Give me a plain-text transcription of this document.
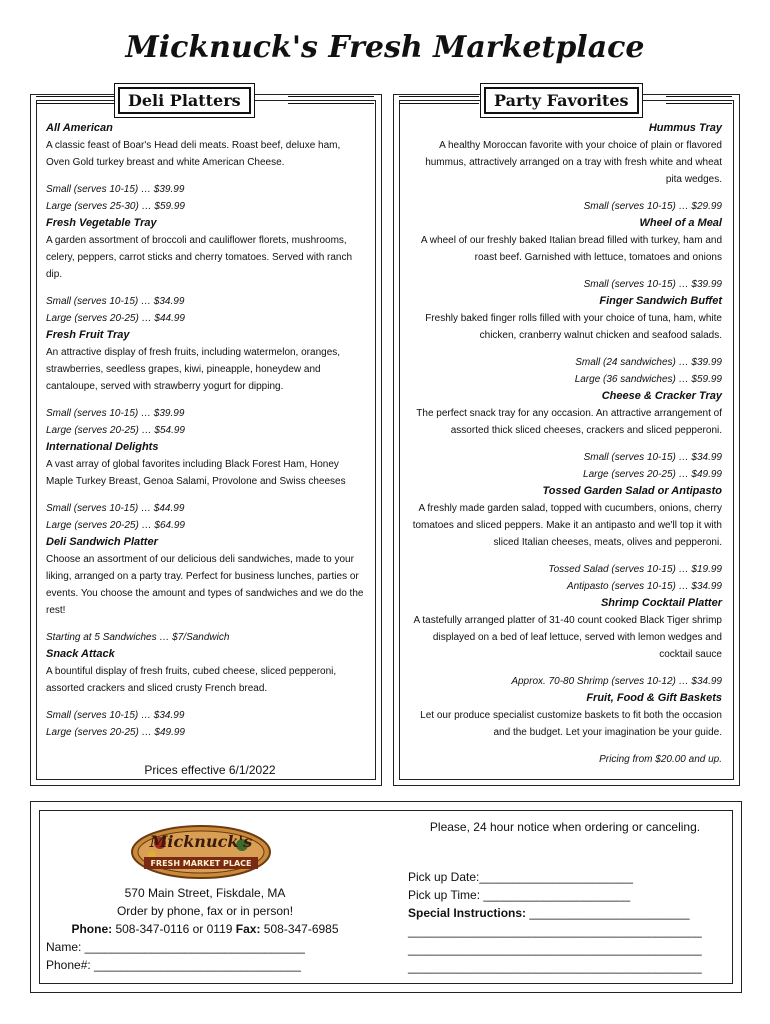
Micknuck's Fresh Marketplace
Deli Platters	Party Favorites
All American
A classic feast of Boar's Head deli meats. Roast beef, deluxe ham, Oven Gold turkey breast and white American Cheese.
Small (serves 10-15) … $39.99
Large (serves 25-30) … $59.99
Fresh Vegetable Tray
A garden assortment of broccoli and cauliflower florets, mushrooms, celery, peppers, carrot sticks and cherry tomatoes. Served with ranch dip.
Small (serves 10-15) … $34.99
Large (serves 20-25) … $44.99
Fresh Fruit Tray
An attractive display of fresh fruits, including watermelon, oranges, strawberries, seedless grapes, kiwi, pineapple, honeydew and cantaloupe, served with strawberry yogurt for dipping.
Small (serves 10-15) … $39.99
Large (serves 20-25) … $54.99
International Delights
A vast array of global favorites including Black Forest Ham, Honey Maple Turkey Breast, Genoa Salami, Provolone and Swiss cheeses
Small (serves 10-15) … $44.99
Large (serves 20-25) … $64.99
Deli Sandwich Platter
Choose an assortment of our delicious deli sandwiches, made to your liking, arranged on a party tray. Perfect for business lunches, parties or events. You choose the amount and types of sandwiches and we do the rest!
Starting at 5 Sandwiches … $7/Sandwich
Snack Attack
A bountiful display of fresh fruits, cubed cheese, sliced pepperoni, assorted crackers and sliced crusty French bread.
Small (serves 10-15) … $34.99
Large (serves 20-25) … $49.99
Hummus Tray
A healthy Moroccan favorite with your choice of plain or flavored hummus, attractively arranged on a tray with fresh white and wheat pita wedges.
Small (serves 10-15) … $29.99
Wheel of a Meal
A wheel of our freshly baked Italian bread filled with turkey, ham and roast beef. Garnished with lettuce, tomatoes and onions
Small (serves 10-15) … $39.99
Finger Sandwich Buffet
Freshly baked finger rolls filled with your choice of tuna, ham, white chicken, cranberry walnut chicken and seafood salads.
Small (24 sandwiches) … $39.99
Large (36 sandwiches) … $59.99
Cheese & Cracker Tray
The perfect snack tray for any occasion. An attractive arrangement of assorted thick sliced cheeses, crackers and sliced pepperoni.
Small (serves 10-15) … $34.99
Large (serves 20-25) … $49.99
Tossed Garden Salad or Antipasto
A freshly made garden salad, topped with cucumbers, onions, cherry tomatoes and sliced peppers. Make it an antipasto and we'll top it with sliced Italian cheeses, meats, olives and pepperoni.
Tossed Salad (serves 10-15) … $19.99
Antipasto (serves 10-15) … $34.99
Shrimp Cocktail Platter
A tastefully arranged platter of 31-40 count cooked Black Tiger shrimp displayed on a bed of leaf lettuce, served with lemon wedges and cocktail sauce
Approx. 70-80 Shrimp (serves 10-12) … $34.99
Fruit, Food & Gift Baskets
Let our produce specialist customize baskets to fit both the occasion and the budget. Let your imagination be your guide.
Pricing from $20.00 and up.
Prices effective 6/1/2022
Micknuck's
FRESH MARKET PLACE
570 Main Street, Fiskdale, MA
Order by phone, fax or in person!
Phone: 508-347-0116 or 0119 Fax: 508-347-6985
Name: _________________________________
Phone#: _______________________________
Please, 24 hour notice when ordering or canceling.
Pick up Date:_______________________
Pick up Time: ______________________
Special Instructions: ________________________
____________________________________________
____________________________________________
____________________________________________
